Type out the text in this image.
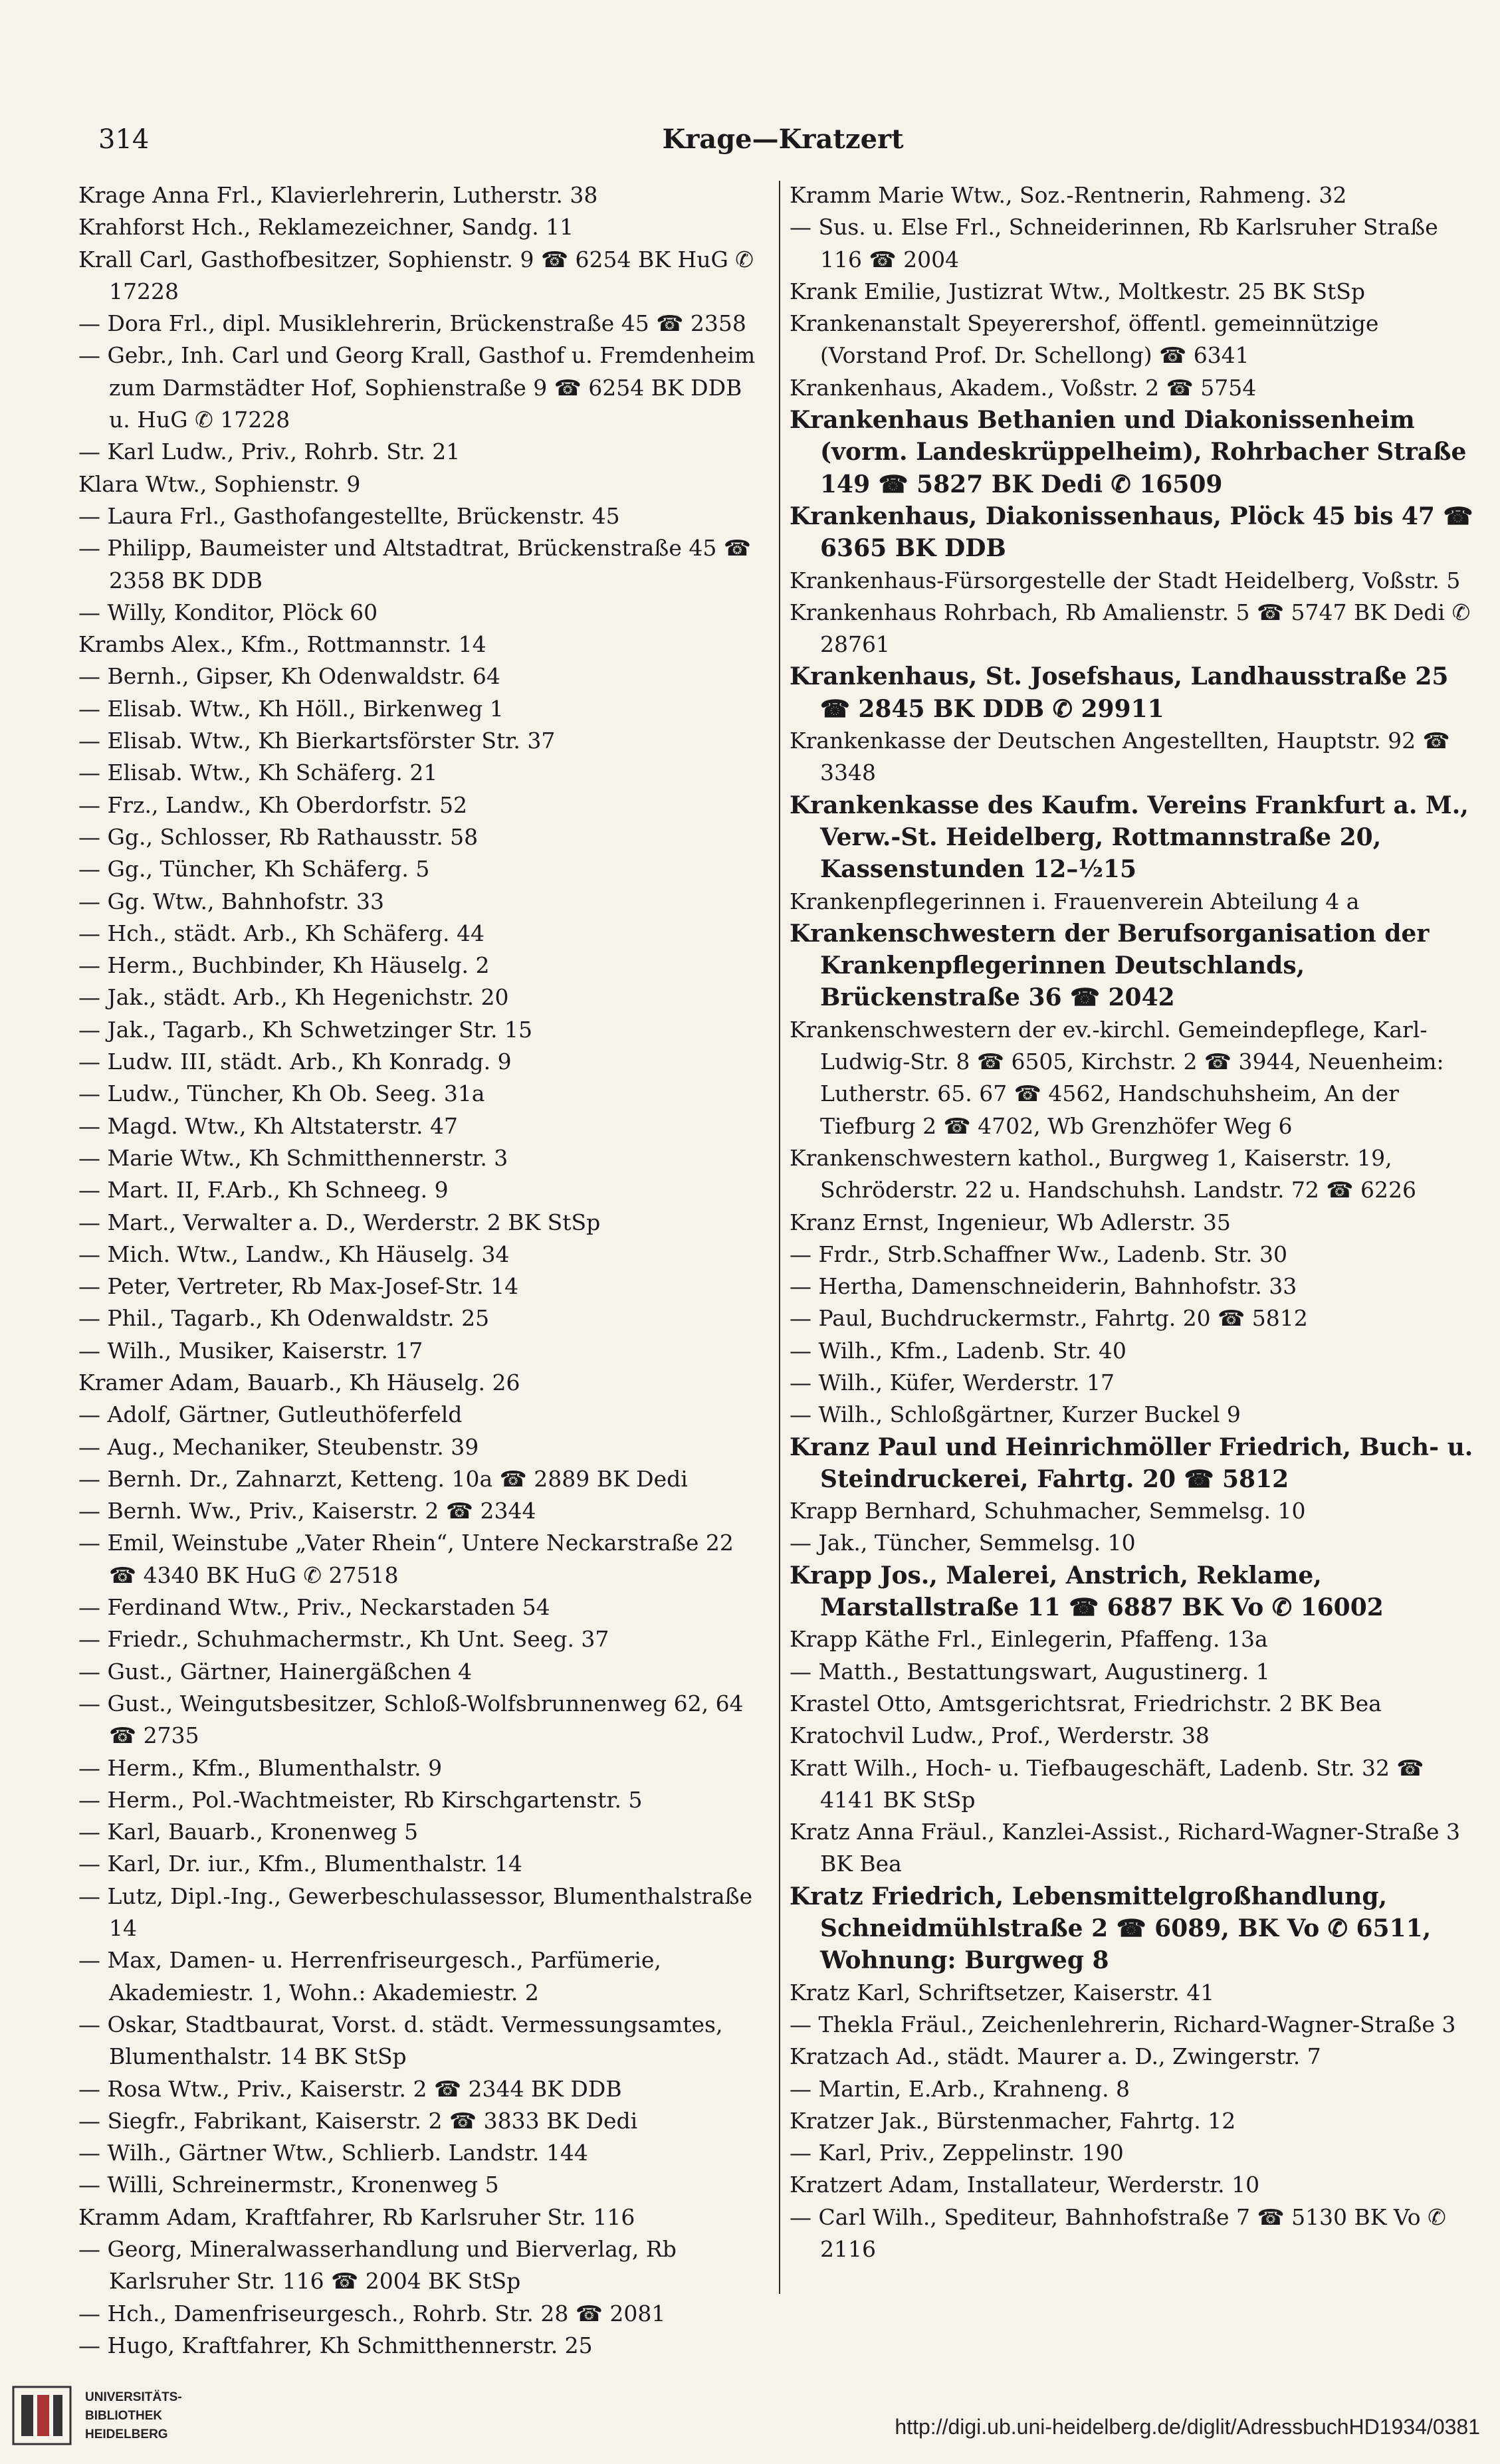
314	Krage—Kratzert
Krage Anna Frl., Klavierlehrerin, Lutherstr. 38
Krahforst Hch., Reklamezeichner, Sandg. 11
Krall Carl, Gasthofbesitzer, Sophienstr. 9 ☎ 6254 BK HuG ✆ 17228
— Dora Frl., dipl. Musiklehrerin, Brückenstraße 45 ☎ 2358
— Gebr., Inh. Carl und Georg Krall, Gasthof u. Fremdenheim zum Darmstädter Hof, Sophienstraße 9 ☎ 6254 BK DDB u. HuG ✆ 17228
— Karl Ludw., Priv., Rohrb. Str. 21
Klara Wtw., Sophienstr. 9
— Laura Frl., Gasthofangestellte, Brückenstr. 45
— Philipp, Baumeister und Altstadtrat, Brückenstraße 45 ☎ 2358 BK DDB
— Willy, Konditor, Plöck 60
Krambs Alex., Kfm., Rottmannstr. 14
— Bernh., Gipser, Kh Odenwaldstr. 64
— Elisab. Wtw., Kh Höll., Birkenweg 1
— Elisab. Wtw., Kh Bierkartsförster Str. 37
— Elisab. Wtw., Kh Schäferg. 21
— Frz., Landw., Kh Oberdorfstr. 52
— Gg., Schlosser, Rb Rathausstr. 58
— Gg., Tüncher, Kh Schäferg. 5
— Gg. Wtw., Bahnhofstr. 33
— Hch., städt. Arb., Kh Schäferg. 44
— Herm., Buchbinder, Kh Häuselg. 2
— Jak., städt. Arb., Kh Hegenichstr. 20
— Jak., Tagarb., Kh Schwetzinger Str. 15
— Ludw. III, städt. Arb., Kh Konradg. 9
— Ludw., Tüncher, Kh Ob. Seeg. 31a
— Magd. Wtw., Kh Altstaterstr. 47
— Marie Wtw., Kh Schmitthennerstr. 3
— Mart. II, F.Arb., Kh Schneeg. 9
— Mart., Verwalter a. D., Werderstr. 2 BK StSp
— Mich. Wtw., Landw., Kh Häuselg. 34
— Peter, Vertreter, Rb Max-Josef-Str. 14
— Phil., Tagarb., Kh Odenwaldstr. 25
— Wilh., Musiker, Kaiserstr. 17
Kramer Adam, Bauarb., Kh Häuselg. 26
— Adolf, Gärtner, Gutleuthöferfeld
— Aug., Mechaniker, Steubenstr. 39
— Bernh. Dr., Zahnarzt, Ketteng. 10a ☎ 2889 BK Dedi
— Bernh. Ww., Priv., Kaiserstr. 2 ☎ 2344
— Emil, Weinstube „Vater Rhein“, Untere Neckarstraße 22 ☎ 4340 BK HuG ✆ 27518
— Ferdinand Wtw., Priv., Neckarstaden 54
— Friedr., Schuhmachermstr., Kh Unt. Seeg. 37
— Gust., Gärtner, Hainergäßchen 4
— Gust., Weingutsbesitzer, Schloß-Wolfsbrunnenweg 62, 64 ☎ 2735
— Herm., Kfm., Blumenthalstr. 9
— Herm., Pol.-Wachtmeister, Rb Kirschgartenstr. 5
— Karl, Bauarb., Kronenweg 5
— Karl, Dr. iur., Kfm., Blumenthalstr. 14
— Lutz, Dipl.-Ing., Gewerbeschulassessor, Blumenthalstraße 14
— Max, Damen- u. Herrenfriseurgesch., Parfümerie, Akademiestr. 1, Wohn.: Akademiestr. 2
— Oskar, Stadtbaurat, Vorst. d. städt. Vermessungsamtes, Blumenthalstr. 14 BK StSp
— Rosa Wtw., Priv., Kaiserstr. 2 ☎ 2344 BK DDB
— Siegfr., Fabrikant, Kaiserstr. 2 ☎ 3833 BK Dedi
— Wilh., Gärtner Wtw., Schlierb. Landstr. 144
— Willi, Schreinermstr., Kronenweg 5
Kramm Adam, Kraftfahrer, Rb Karlsruher Str. 116
— Georg, Mineralwasserhandlung und Bierverlag, Rb Karlsruher Str. 116 ☎ 2004 BK StSp
— Hch., Damenfriseurgesch., Rohrb. Str. 28 ☎ 2081
— Hugo, Kraftfahrer, Kh Schmitthennerstr. 25
Kramm Marie Wtw., Soz.-Rentnerin, Rahmeng. 32
— Sus. u. Else Frl., Schneiderinnen, Rb Karlsruher Straße 116 ☎ 2004
Krank Emilie, Justizrat Wtw., Moltkestr. 25 BK StSp
Krankenanstalt Speyerershof, öffentl. gemeinnützige (Vorstand Prof. Dr. Schellong) ☎ 6341
Krankenhaus, Akadem., Voßstr. 2 ☎ 5754
Krankenhaus Bethanien und Diakonissenheim (vorm. Landeskrüppelheim), Rohrbacher Straße 149 ☎ 5827 BK Dedi ✆ 16509
Krankenhaus, Diakonissenhaus, Plöck 45 bis 47 ☎ 6365 BK DDB
Krankenhaus-Fürsorgestelle der Stadt Heidelberg, Voßstr. 5
Krankenhaus Rohrbach, Rb Amalienstr. 5 ☎ 5747 BK Dedi ✆ 28761
Krankenhaus, St. Josefshaus, Landhausstraße 25 ☎ 2845 BK DDB ✆ 29911
Krankenkasse der Deutschen Angestellten, Hauptstr. 92 ☎ 3348
Krankenkasse des Kaufm. Vereins Frankfurt a. M., Verw.-St. Heidelberg, Rottmannstraße 20, Kassenstunden 12–½15
Krankenpflegerinnen i. Frauenverein Abteilung 4 a
Krankenschwestern der Berufsorganisation der Krankenpflegerinnen Deutschlands, Brückenstraße 36 ☎ 2042
Krankenschwestern der ev.-kirchl. Gemeindepflege, Karl-Ludwig-Str. 8 ☎ 6505, Kirchstr. 2 ☎ 3944, Neuenheim: Lutherstr. 65. 67 ☎ 4562, Handschuhsheim, An der Tiefburg 2 ☎ 4702, Wb Grenzhöfer Weg 6
Krankenschwestern kathol., Burgweg 1, Kaiserstr. 19, Schröderstr. 22 u. Handschuhsh. Landstr. 72 ☎ 6226
Kranz Ernst, Ingenieur, Wb Adlerstr. 35
— Frdr., Strb.Schaffner Ww., Ladenb. Str. 30
— Hertha, Damenschneiderin, Bahnhofstr. 33
— Paul, Buchdruckermstr., Fahrtg. 20 ☎ 5812
— Wilh., Kfm., Ladenb. Str. 40
— Wilh., Küfer, Werderstr. 17
— Wilh., Schloßgärtner, Kurzer Buckel 9
Kranz Paul und Heinrichmöller Friedrich, Buch- u. Steindruckerei, Fahrtg. 20 ☎ 5812
Krapp Bernhard, Schuhmacher, Semmelsg. 10
— Jak., Tüncher, Semmelsg. 10
Krapp Jos., Malerei, Anstrich, Reklame, Marstallstraße 11 ☎ 6887 BK Vo ✆ 16002
Krapp Käthe Frl., Einlegerin, Pfaffeng. 13a
— Matth., Bestattungswart, Augustinerg. 1
Krastel Otto, Amtsgerichtsrat, Friedrichstr. 2 BK Bea
Kratochvil Ludw., Prof., Werderstr. 38
Kratt Wilh., Hoch- u. Tiefbaugeschäft, Ladenb. Str. 32 ☎ 4141 BK StSp
Kratz Anna Fräul., Kanzlei-Assist., Richard-Wagner-Straße 3 BK Bea
Kratz Friedrich, Lebensmittelgroßhandlung, Schneidmühlstraße 2 ☎ 6089, BK Vo ✆ 6511, Wohnung: Burgweg 8
Kratz Karl, Schriftsetzer, Kaiserstr. 41
— Thekla Fräul., Zeichenlehrerin, Richard-Wagner-Straße 3
Kratzach Ad., städt. Maurer a. D., Zwingerstr. 7
— Martin, E.Arb., Krahneng. 8
Kratzer Jak., Bürstenmacher, Fahrtg. 12
— Karl, Priv., Zeppelinstr. 190
Kratzert Adam, Installateur, Werderstr. 10
— Carl Wilh., Spediteur, Bahnhofstraße 7 ☎ 5130 BK Vo ✆ 2116
UNIVERSITÄTS-
BIBLIOTHEK
HEIDELBERG	http://digi.ub.uni-heidelberg.de/diglit/AdressbuchHD1934/0381
